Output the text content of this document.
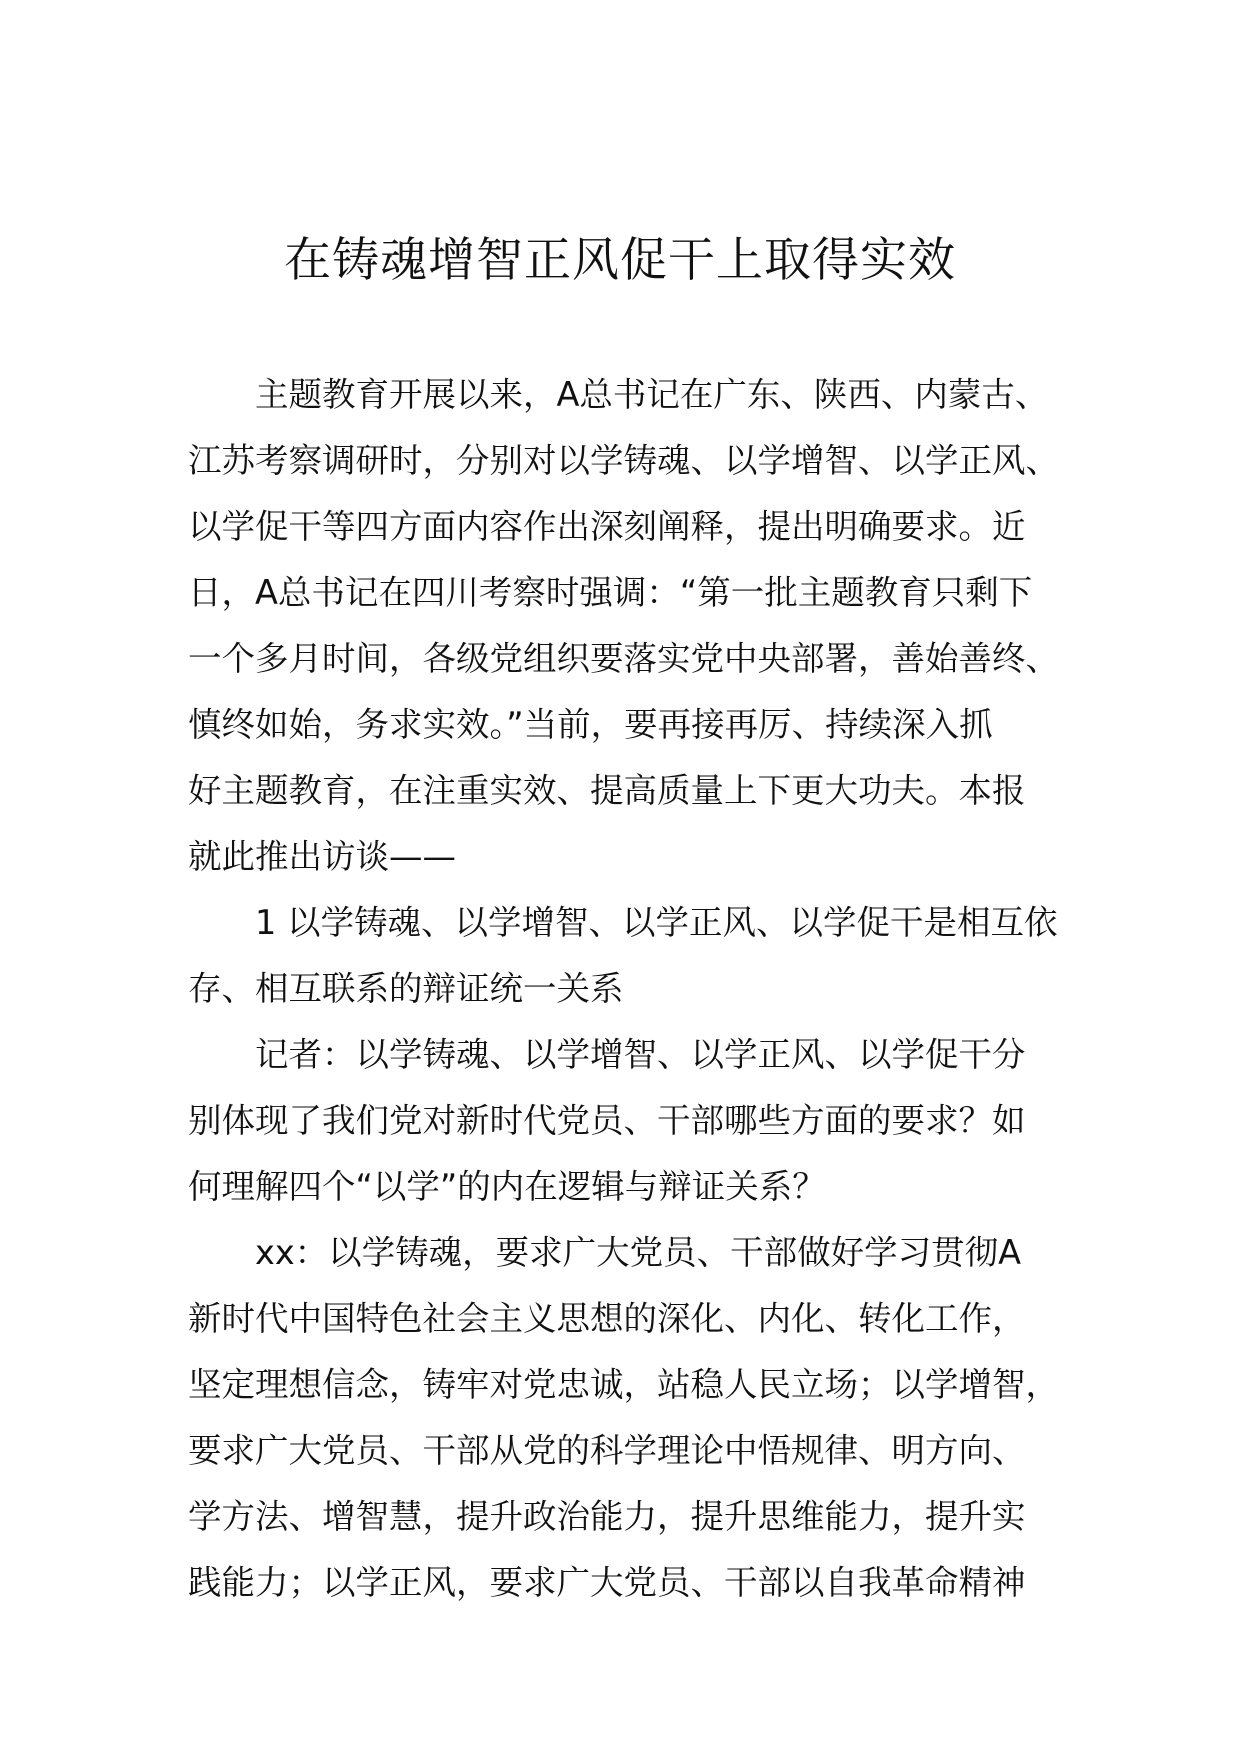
在铸魂增智正风促干上取得实效
主题教育开展以来，A总书记在广东、陕西、内蒙古、
江苏考察调研时，分别对以学铸魂、以学增智、以学正风、
以学促干等四方面内容作出深刻阐释，提出明确要求。近
日，A总书记在四川考察时强调：“第一批主题教育只剩下
一个多月时间，各级党组织要落实党中央部署，善始善终、
慎终如始，务求实效。”当前，要再接再厉、持续深入抓
好主题教育，在注重实效、提高质量上下更大功夫。本报
就此推出访谈——
1 以学铸魂、以学增智、以学正风、以学促干是相互依
存、相互联系的辩证统一关系
记者：以学铸魂、以学增智、以学正风、以学促干分
别体现了我们党对新时代党员、干部哪些方面的要求？如
何理解四个“以学”的内在逻辑与辩证关系？
xx：以学铸魂，要求广大党员、干部做好学习贯彻A
新时代中国特色社会主义思想的深化、内化、转化工作，
坚定理想信念，铸牢对党忠诚，站稳人民立场；以学增智，
要求广大党员、干部从党的科学理论中悟规律、明方向、
学方法、增智慧，提升政治能力，提升思维能力，提升实
践能力；以学正风，要求广大党员、干部以自我革命精神
